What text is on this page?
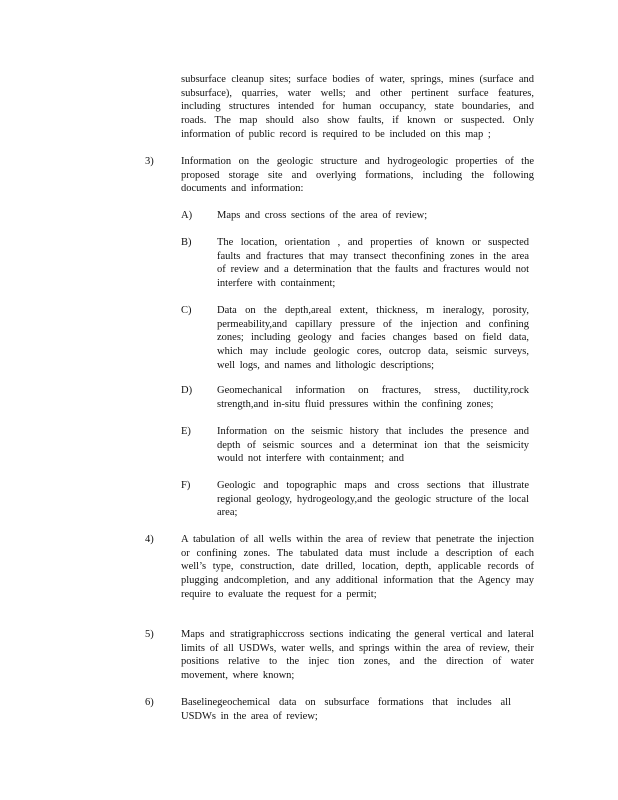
subsurface cleanup sites; surface bodies of water, springs, mines (surface and subsurface), quarries, water wells; and other pertinent surface features, including structures intended for human occupancy, state boundaries, and roads. The map should also show faults, if known or suspected. Only information of public record is required to be included on this map ;
3)	Information on the geologic structure and hydrogeologic properties of the proposed storage site and overlying formations, including the following documents and information:
A) Maps and cross sections of the area of review;
B) The location, orientation , and properties of known or suspected faults and fractures that may transect theconfining zones in the area of review and a determination that the faults and fractures would not interfere with containment;
C) Data on the depth,areal extent, thickness, m ineralogy, porosity, permeability,and capillary pressure of the injection and confining zones; including geology and facies changes based on field data, which may include geologic cores, outcrop data, seismic surveys, well logs, and names and lithologic descriptions;
D) Geomechanical information on fractures, stress, ductility,rock strength,and in-situ fluid pressures within the confining zones;
E) Information on the seismic history that includes the presence and depth of seismic sources and a determinat ion that the seismicity would not interfere with containment; and
F)	Geologic and topographic maps and cross sections that illustrate regional geology, hydrogeology,and the geologic structure of the local area;
4)	A tabulation of all wells within the area of review that penetrate the injection or confining zones. The tabulated data must include a description of each well’s type, construction, date drilled, location, depth, applicable records of plugging andcompletion, and any additional information that the Agency may require to evaluate the request for a permit;
5)	Maps and stratigraphiccross sections indicating the general vertical and lateral limits of all USDWs, water wells, and springs within the area of review, their positions relative to the injec tion zones, and the direction of water movement, where known;
6)	Baselinegeochemical data on subsurface formations that includes all USDWs in the area of review;
